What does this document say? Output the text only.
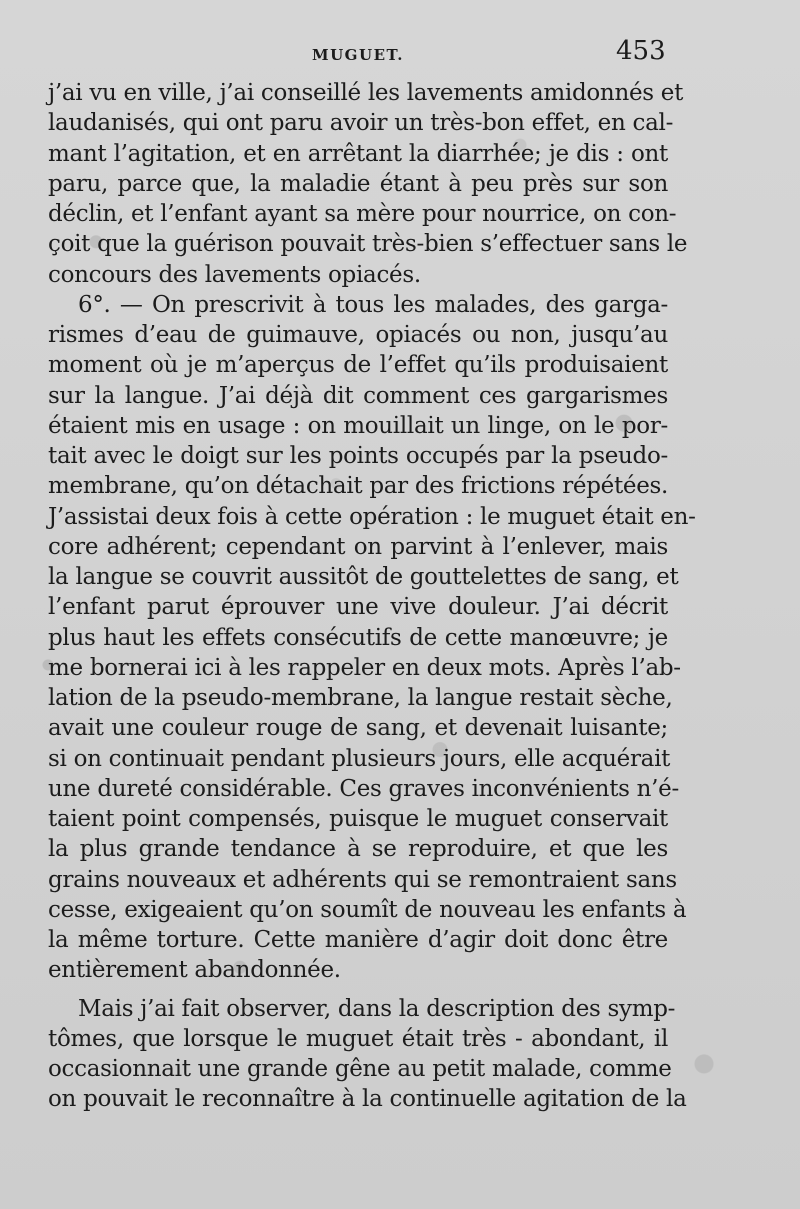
MUGUET.	453
j’ai vu en ville, j’ai conseillé les lavements amidonnés et
laudanisés, qui ont paru avoir un très-bon effet, en cal-
mant l’agitation, et en arrêtant la diarrhée; je dis : ont
paru, parce que, la maladie étant à peu près sur son
déclin, et l’enfant ayant sa mère pour nourrice, on con-
çoit que la guérison pouvait très-bien s’effectuer sans le
concours des lavements opiacés.
6°. — On prescrivit à tous les malades, des garga-
rismes d’eau de guimauve, opiacés ou non, jusqu’au
moment où je m’aperçus de l’effet qu’ils produisaient
sur la langue. J’ai déjà dit comment ces gargarismes
étaient mis en usage : on mouillait un linge, on le por-
tait avec le doigt sur les points occupés par la pseudo-
membrane, qu’on détachait par des frictions répétées.
J’assistai deux fois à cette opération : le muguet était en-
core adhérent; cependant on parvint à l’enlever, mais
la langue se couvrit aussitôt de gouttelettes de sang, et
l’enfant parut éprouver une vive douleur. J’ai décrit
plus haut les effets consécutifs de cette manœuvre; je
me bornerai ici à les rappeler en deux mots. Après l’ab-
lation de la pseudo-membrane, la langue restait sèche,
avait une couleur rouge de sang, et devenait luisante;
si on continuait pendant plusieurs jours, elle acquérait
une dureté considérable. Ces graves inconvénients n’é-
taient point compensés, puisque le muguet conservait
la plus grande tendance à se reproduire, et que les
grains nouveaux et adhérents qui se remontraient sans
cesse, exigeaient qu’on soumît de nouveau les enfants à
la même torture. Cette manière d’agir doit donc être
entièrement abandonnée.
Mais j’ai fait observer, dans la description des symp-
tômes, que lorsque le muguet était très - abondant, il
occasionnait une grande gêne au petit malade, comme
on pouvait le reconnaître à la continuelle agitation de la
